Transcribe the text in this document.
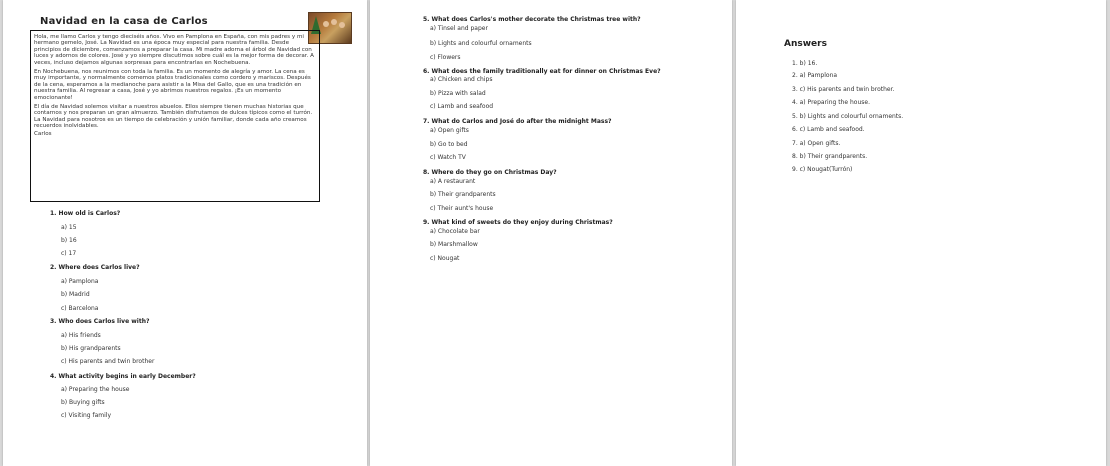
Navidad en la casa de Carlos

Hola, me llamo Carlos y tengo dieciséis años. Vivo en Pamplona en España, con mis padres y mi hermano gemelo, José. La Navidad es una época muy especial para nuestra familia. Desde principios de diciembre, comenzamos a preparar la casa. Mi madre adorna el árbol de Navidad con luces y adornos de colores. José y yo siempre discutimos sobre cuál es la mejor forma de decorar. A veces, incluso dejamos algunas sorpresas para encontrarlas en Nochebuena.

En Nochebuena, nos reunimos con toda la familia. Es un momento de alegría y amor. La cena es muy importante, y normalmente comemos platos tradicionales como cordero y mariscos. Después de la cena, esperamos a la medianoche para asistir a la Misa del Gallo, que es una tradición en nuestra familia. Al regresar a casa, José y yo abrimos nuestros regalos. ¡Es un momento emocionante!

El día de Navidad solemos visitar a nuestros abuelos. Ellos siempre tienen muchas historias que contarnos y nos preparan un gran almuerzo. También disfrutamos de dulces típicos como el turrón. La Navidad para nosotros es un tiempo de celebración y unión familiar, donde cada año creamos recuerdos inolvidables.

Carlos
1. How old is Carlos?
a) 15
b) 16
c) 17
2. Where does Carlos live?
a) Pamplona
b) Madrid
c) Barcelona
3. Who does Carlos live with?
a) His friends
b) His grandparents
c) His parents and twin brother
4. What activity begins in early December?
a) Preparing the house
b) Buying gifts
c) Visiting family
5. What does Carlos's mother decorate the Christmas tree with?
a) Tinsel and paper
b) Lights and colourful ornaments
c) Flowers
6. What does the family traditionally eat for dinner on Christmas Eve?
a) Chicken and chips
b) Pizza with salad
c) Lamb and seafood
7. What do Carlos and José do after the midnight Mass?
a) Open gifts
b) Go to bed
c) Watch TV
8. Where do they go on Christmas Day?
a) A restaurant
b) Their grandparents
c) Their aunt's house
9. What kind of sweets do they enjoy during Christmas?
a) Chocolate bar
b) Marshmallow
c) Nougat
Answers
1. b) 16.
2. a) Pamplona
3. c) His parents and twin brother.
4. a) Preparing the house.
5. b) Lights and colourful ornaments.
6. c) Lamb and seafood.
7. a) Open gifts.
8. b) Their grandparents.
9. c) Nougat(Turrón)
